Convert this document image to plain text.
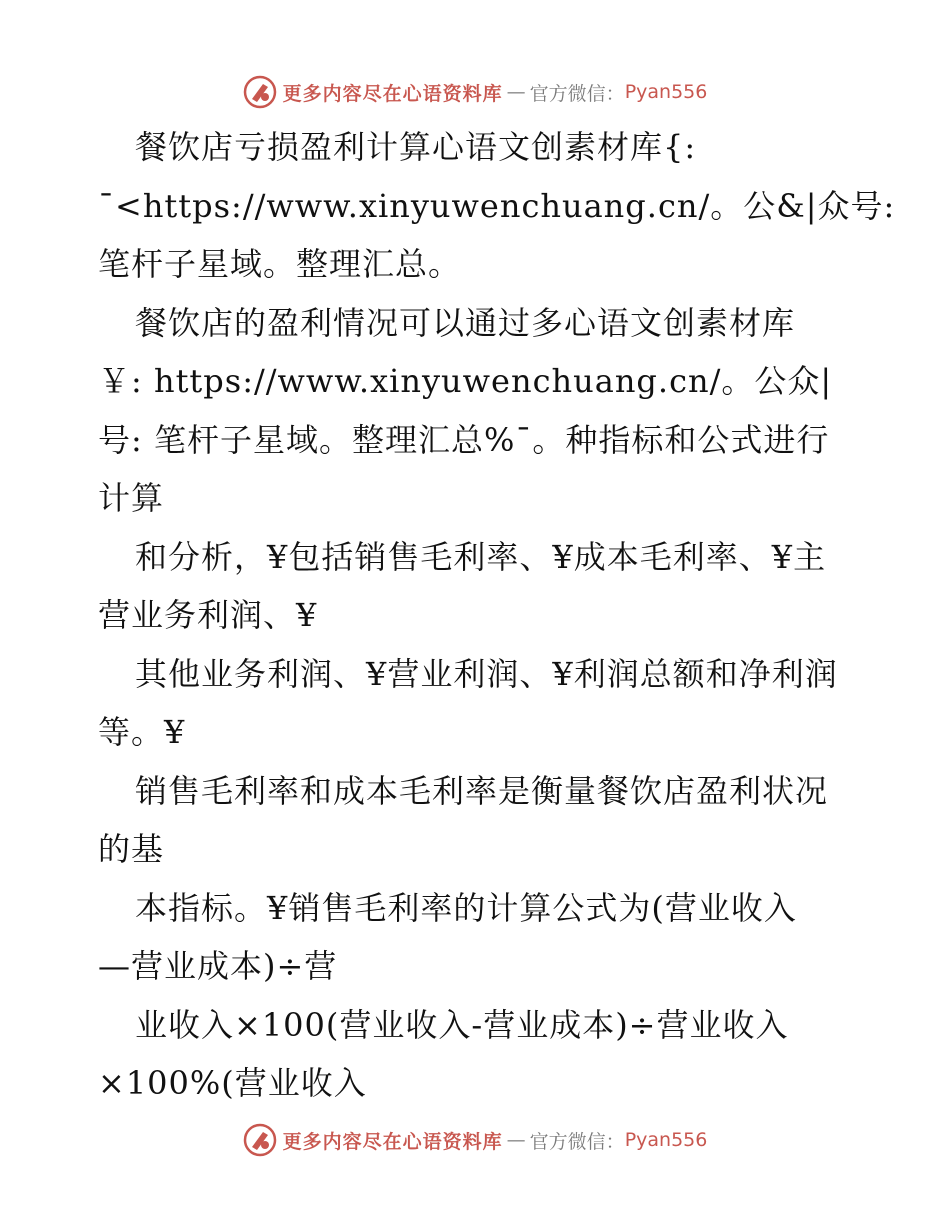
更多内容尽在心语资料库 — 官方微信： Pyan556
餐饮店亏损盈利计算心语文创素材库{:
¯<https://www.xinyuwenchuang.cn/。公&|众号:
笔杆子星域。整理汇总。
餐饮店的盈利情况可以通过多心语文创素材库
￥: https://www.xinyuwenchuang.cn/。公众|
号: 笔杆子星域。整理汇总%¯。种指标和公式进行
计算
和分析，¥包括销售毛利率、¥成本毛利率、¥主
营业务利润、¥
其他业务利润、¥营业利润、¥利润总额和净利润
等。¥
销售毛利率和成本毛利率是衡量餐饮店盈利状况
的基
本指标。¥销售毛利率的计算公式为(营业收入
—营业成本)÷营
业收入×100(营业收入-营业成本)÷营业收入
×100%(营业收入
更多内容尽在心语资料库 — 官方微信： Pyan556
